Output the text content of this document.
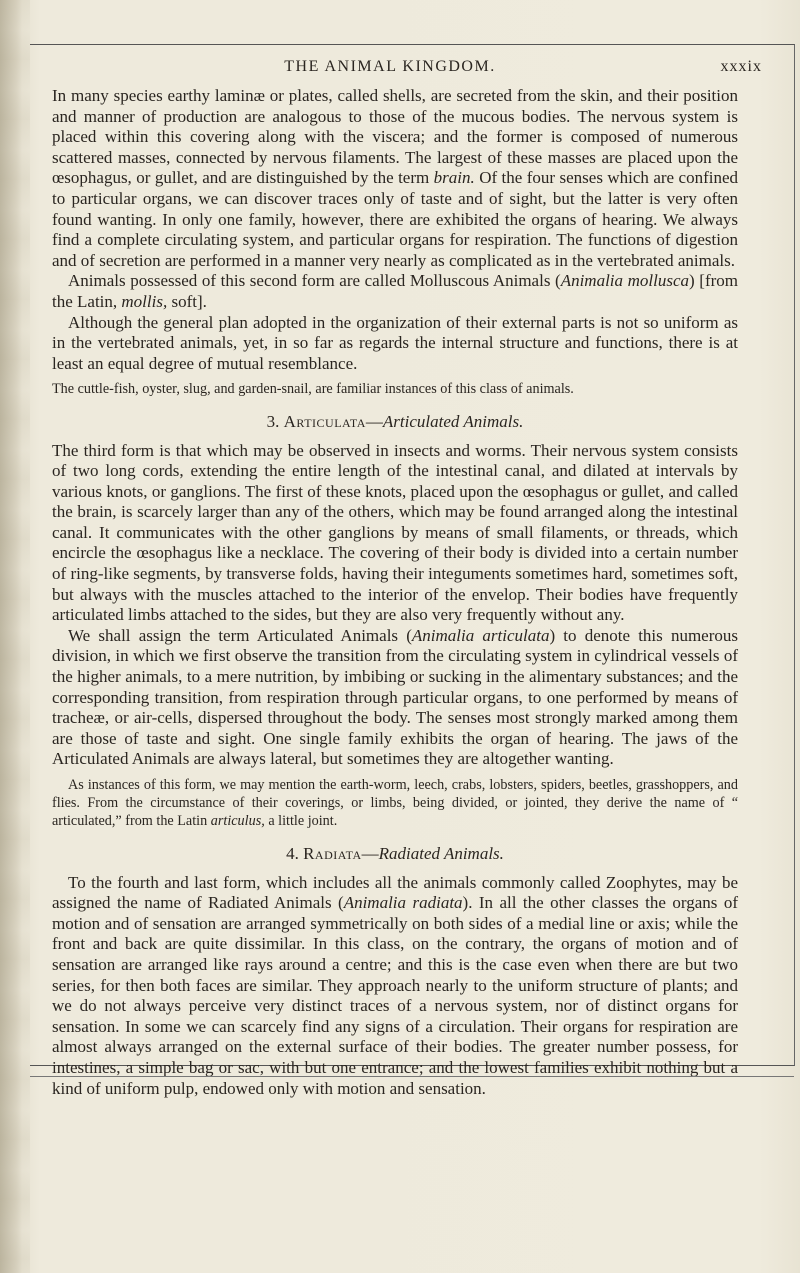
THE ANIMAL KINGDOM.	xxxix

In many species earthy laminæ or plates, called shells, are secreted from the skin, and their position and manner of production are analogous to those of the mucous bodies. The nervous system is placed within this covering along with the viscera; and the former is composed of numerous scattered masses, connected by nervous filaments. The largest of these masses are placed upon the œsophagus, or gullet, and are distinguished by the term brain. Of the four senses which are confined to particular organs, we can discover traces only of taste and of sight, but the latter is very often found wanting. In only one family, however, there are exhibited the organs of hearing. We always find a complete circulating system, and particular organs for respiration. The functions of digestion and of secretion are performed in a manner very nearly as complicated as in the vertebrated animals.

Animals possessed of this second form are called Molluscous Animals (Animalia mollusca) [from the Latin, mollis, soft].

Although the general plan adopted in the organization of their external parts is not so uniform as in the vertebrated animals, yet, in so far as regards the internal structure and functions, there is at least an equal degree of mutual resemblance.

The cuttle-fish, oyster, slug, and garden-snail, are familiar instances of this class of animals.

3. Articulata—Articulated Animals.

The third form is that which may be observed in insects and worms. Their nervous system consists of two long cords, extending the entire length of the intestinal canal, and dilated at intervals by various knots, or ganglions. The first of these knots, placed upon the œsophagus or gullet, and called the brain, is scarcely larger than any of the others, which may be found arranged along the intestinal canal. It communicates with the other ganglions by means of small filaments, or threads, which encircle the œsophagus like a necklace. The covering of their body is divided into a certain number of ring-like segments, by transverse folds, having their integuments sometimes hard, sometimes soft, but always with the muscles attached to the interior of the envelop. Their bodies have frequently articulated limbs attached to the sides, but they are also very frequently without any.

We shall assign the term Articulated Animals (Animalia articulata) to denote this numerous division, in which we first observe the transition from the circulating system in cylindrical vessels of the higher animals, to a mere nutrition, by imbibing or sucking in the alimentary substances; and the corresponding transition, from respiration through particular organs, to one performed by means of tracheæ, or air-cells, dispersed throughout the body. The senses most strongly marked among them are those of taste and sight. One single family exhibits the organ of hearing. The jaws of the Articulated Animals are always lateral, but sometimes they are altogether wanting.

As instances of this form, we may mention the earth-worm, leech, crabs, lobsters, spiders, beetles, grasshoppers, and flies. From the circumstance of their coverings, or limbs, being divided, or jointed, they derive the name of “ articulated,” from the Latin articulus, a little joint.

4. Radiata—Radiated Animals.

To the fourth and last form, which includes all the animals commonly called Zoophytes, may be assigned the name of Radiated Animals (Animalia radiata). In all the other classes the organs of motion and of sensation are arranged symmetrically on both sides of a medial line or axis; while the front and back are quite dissimilar. In this class, on the contrary, the organs of motion and of sensation are arranged like rays around a centre; and this is the case even when there are but two series, for then both faces are similar. They approach nearly to the uniform structure of plants; and we do not always perceive very distinct traces of a nervous system, nor of distinct organs for sensation. In some we can scarcely find any signs of a circulation. Their organs for respiration are almost always arranged on the external surface of their bodies. The greater number possess, for intestines, a simple bag or sac, with but one entrance; and the lowest families exhibit nothing but a kind of uniform pulp, endowed only with motion and sensation.
